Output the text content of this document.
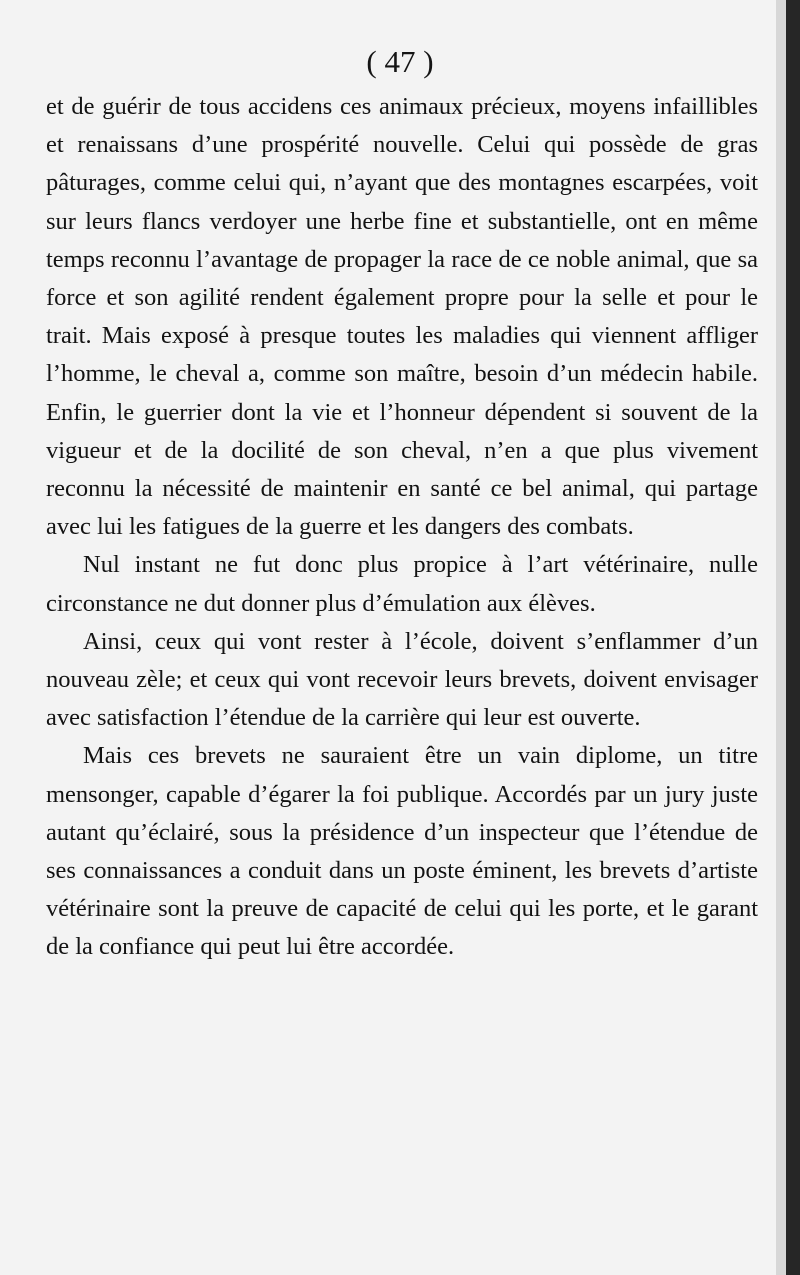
( 47 )

et de guérir de tous accidens ces animaux précieux, moyens infaillibles et renaissans d’une prospérité nouvelle. Celui qui possède de gras pâturages, comme celui qui, n’ayant que des montagnes escarpées, voit sur leurs flancs verdoyer une herbe fine et substantielle, ont en même temps reconnu l’avantage de propager la race de ce noble animal, que sa force et son agilité rendent également propre pour la selle et pour le trait. Mais exposé à presque toutes les maladies qui viennent affliger l’homme, le cheval a, comme son maître, besoin d’un médecin habile. Enfin, le guerrier dont la vie et l’honneur dépendent si souvent de la vigueur et de la docilité de son cheval, n’en a que plus vivement reconnu la nécessité de maintenir en santé ce bel animal, qui partage avec lui les fatigues de la guerre et les dangers des combats.

Nul instant ne fut donc plus propice à l’art vétérinaire, nulle circonstance ne dut donner plus d’émulation aux élèves.

Ainsi, ceux qui vont rester à l’école, doivent s’enflammer d’un nouveau zèle; et ceux qui vont recevoir leurs brevets, doivent envisager avec satisfaction l’étendue de la carrière qui leur est ouverte.

Mais ces brevets ne sauraient être un vain diplome, un titre mensonger, capable d’égarer la foi publique. Accordés par un jury juste autant qu’éclairé, sous la présidence d’un inspecteur que l’étendue de ses connaissances a conduit dans un poste éminent, les brevets d’artiste vétérinaire sont la preuve de capacité de celui qui les porte, et le garant de la confiance qui peut lui être accordée.
